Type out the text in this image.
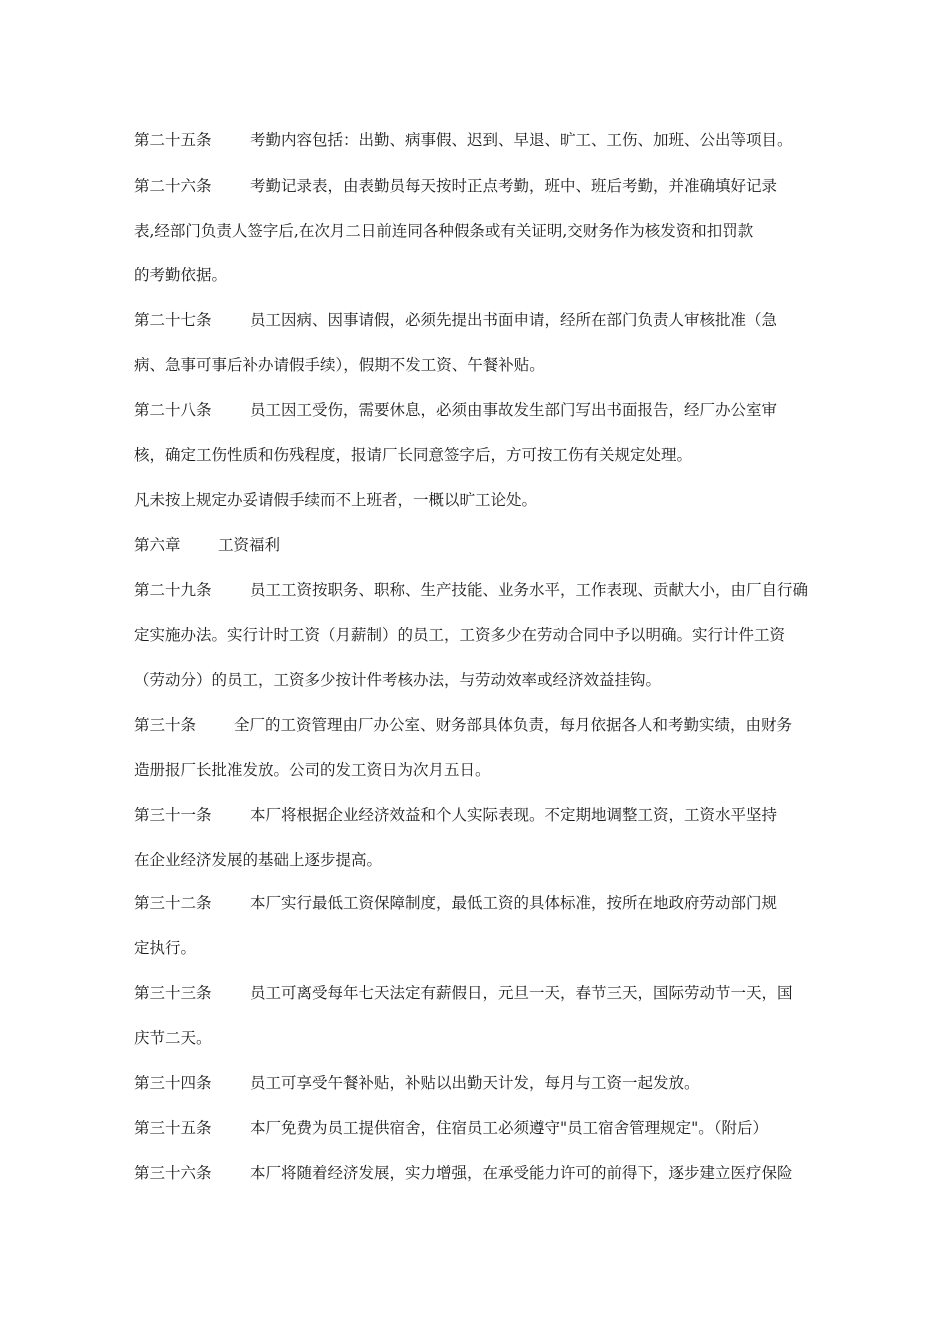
第二十五条 考勤内容包括：出勤、病事假、迟到、早退、旷工、工伤、加班、公出等项目。
第二十六条 考勤记录表，由表勤员每天按时正点考勤，班中、班后考勤，并准确填好记录
表,经部门负责人签字后,在次月二日前连同各种假条或有关证明,交财务作为核发资和扣罚款
的考勤依据。
第二十七条 员工因病、因事请假，必须先提出书面申请，经所在部门负责人审核批准（急
病、急事可事后补办请假手续），假期不发工资、午餐补贴。
第二十八条 员工因工受伤，需要休息，必须由事故发生部门写出书面报告，经厂办公室审
核，确定工伤性质和伤残程度，报请厂长同意签字后，方可按工伤有关规定处理。
凡未按上规定办妥请假手续而不上班者，一概以旷工论处。
第六章 工资福利
第二十九条 员工工资按职务、职称、生产技能、业务水平，工作表现、贡献大小，由厂自行确
定实施办法。实行计时工资（月薪制）的员工，工资多少在劳动合同中予以明确。实行计件工资
（劳动分）的员工，工资多少按计件考核办法，与劳动效率或经济效益挂钩。
第三十条 全厂的工资管理由厂办公室、财务部具体负责，每月依据各人和考勤实绩，由财务
造册报厂长批准发放。公司的发工资日为次月五日。
第三十一条 本厂将根据企业经济效益和个人实际表现。不定期地调整工资，工资水平坚持
在企业经济发展的基础上逐步提高。
第三十二条 本厂实行最低工资保障制度，最低工资的具体标准，按所在地政府劳动部门规
定执行。
第三十三条 员工可离受每年七天法定有薪假日，元旦一天，春节三天，国际劳动节一天，国
庆节二天。
第三十四条 员工可享受午餐补贴，补贴以出勤天计发，每月与工资一起发放。
第三十五条 本厂免费为员工提供宿舍，住宿员工必须遵守"员工宿舍管理规定"。（附后）
第三十六条 本厂将随着经济发展，实力增强，在承受能力许可的前得下，逐步建立医疗保险
